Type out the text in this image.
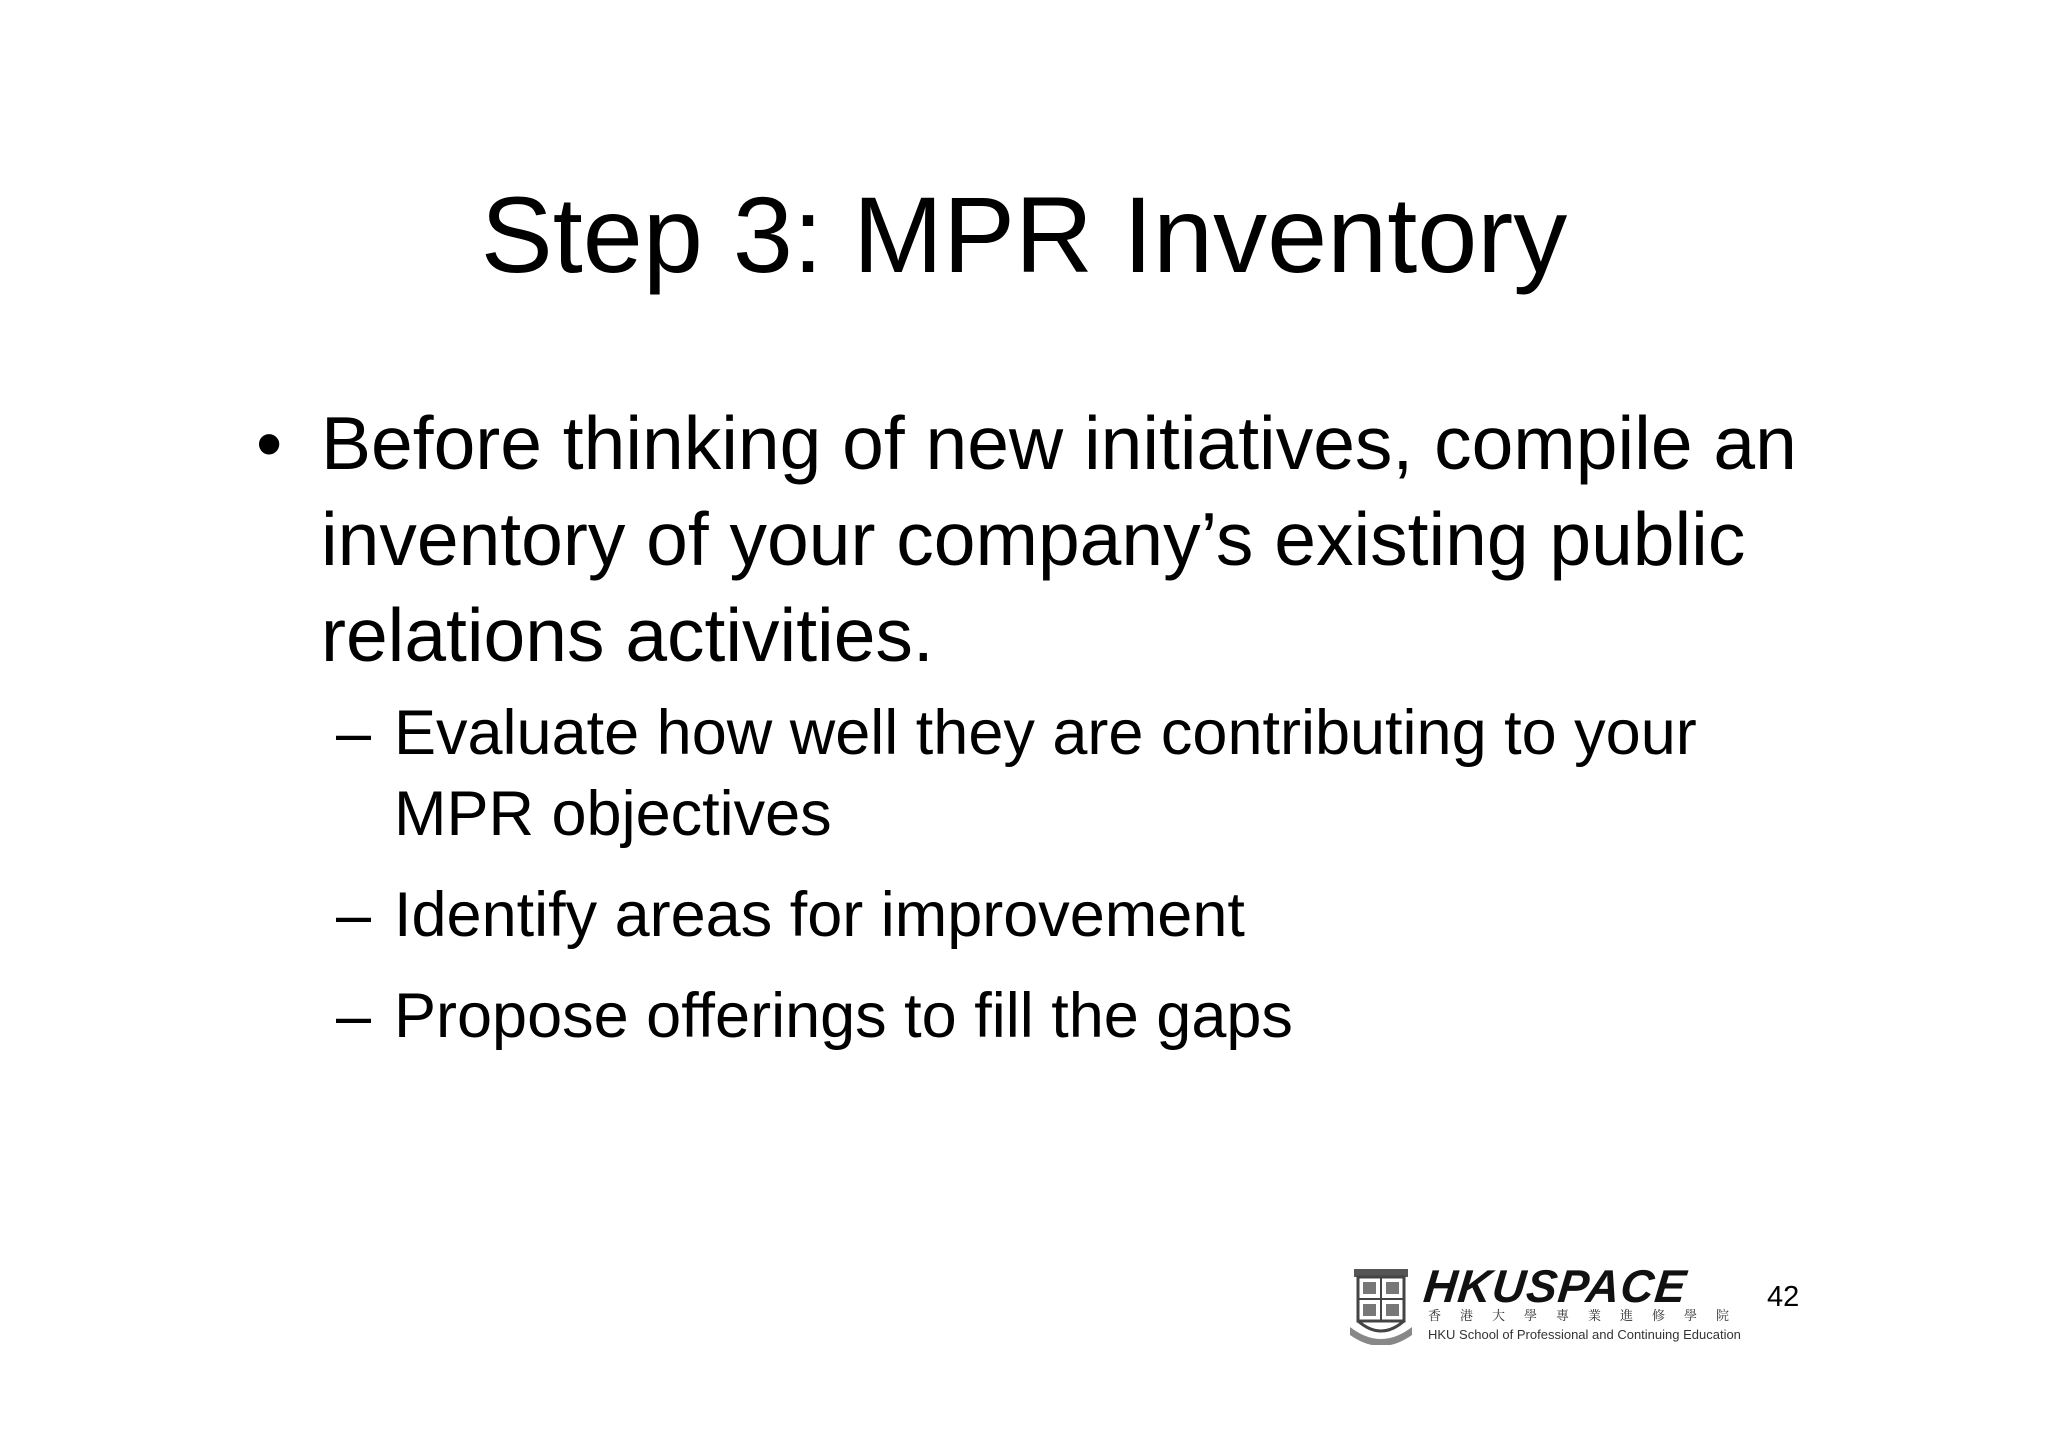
Step 3: MPR Inventory
• Before thinking of new initiatives, compile an inventory of your company’s existing public relations activities.
– Evaluate how well they are contributing to your MPR objectives
– Identify areas for improvement
– Propose offerings to fill the gaps
HKUSPACE
香港大學專業進修學院
HKU School of Professional and Continuing Education
42
